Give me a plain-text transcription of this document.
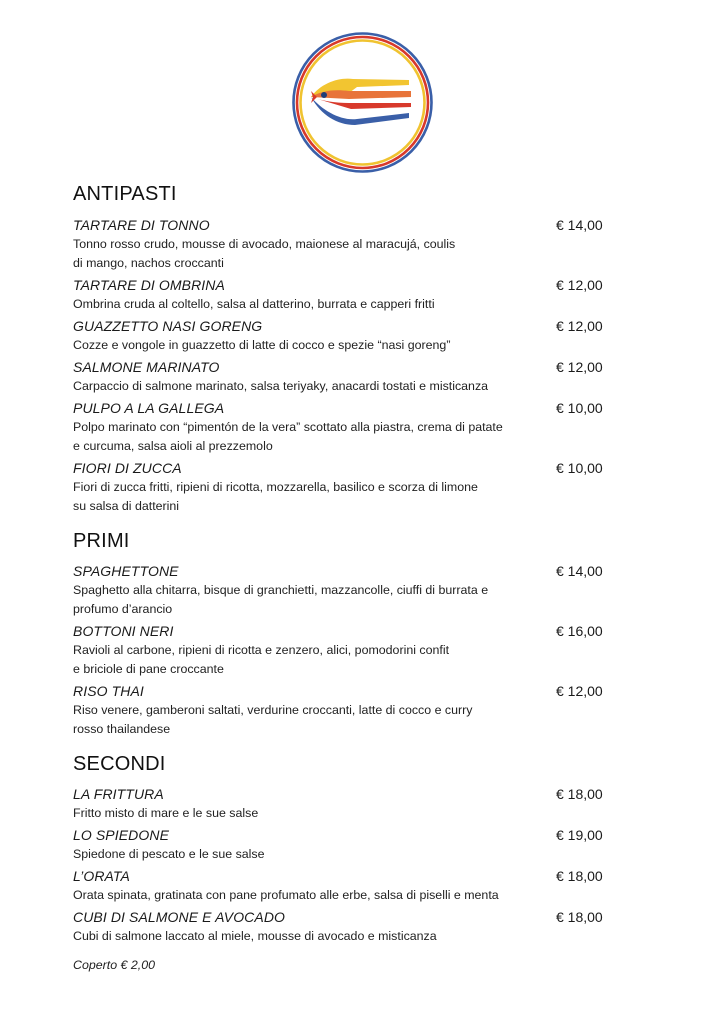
ANTIPASTI
TARTARE DI TONNO	€ 14,00
Tonno rosso crudo, mousse di avocado, maionese al maracujá, coulis
di mango, nachos croccanti
TARTARE DI OMBRINA	€ 12,00
Ombrina cruda al coltello, salsa al datterino, burrata e capperi fritti
GUAZZETTO NASI GORENG	€ 12,00
Cozze e vongole in guazzetto di latte di cocco e spezie “nasi goreng”
SALMONE MARINATO	€ 12,00
Carpaccio di salmone marinato, salsa teriyaky, anacardi tostati e misticanza
PULPO A LA GALLEGA	€ 10,00
Polpo marinato con “pimentón de la vera” scottato alla piastra, crema di patate
e curcuma, salsa aioli al prezzemolo
FIORI DI ZUCCA	€ 10,00
Fiori di zucca fritti, ripieni di ricotta, mozzarella, basilico e scorza di limone
su salsa di datterini
PRIMI
SPAGHETTONE	€ 14,00
Spaghetto alla chitarra, bisque di granchietti, mazzancolle, ciuffi di burrata e
profumo d’arancio
BOTTONI NERI	€ 16,00
Ravioli al carbone, ripieni di ricotta e zenzero, alici, pomodorini confit
e briciole di pane croccante
RISO THAI	€ 12,00
Riso venere, gamberoni saltati, verdurine croccanti, latte di cocco e curry
rosso thailandese
SECONDI
LA FRITTURA	€ 18,00
Fritto misto di mare e le sue salse
LO SPIEDONE	€ 19,00
Spiedone di pescato e le sue salse
L’ORATA	€ 18,00
Orata spinata, gratinata con pane profumato alle erbe, salsa di piselli e menta
CUBI DI SALMONE E AVOCADO	€ 18,00
Cubi di salmone laccato al miele, mousse di avocado e misticanza
Coperto € 2,00
